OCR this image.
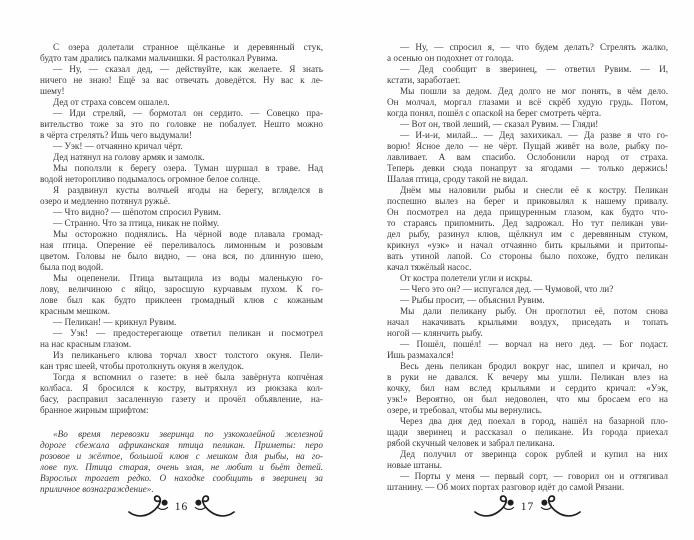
С озера долетали странное щёлканье и деревянный стук,
будто там дрались палками мальчишки. Я растолкал Рувима.
— Ну, — сказал дед, — действуйте, как желаете. Я знать
ничего не знаю! Ещё за вас отвечать доведётся. Ну вас к ле-
шему!
Дед от страха совсем ошалел.
— Иди стреляй, — бормотал он сердито. — Совецко пра-
вительство тоже за это по головке не побалует. Нешто можно
в чёрта стрелять? Ишь чего выдумали!
— Уэк! — отчаянно кричал чёрт.
Дед натянул на голову армяк и замолк.
Мы поползли к берегу озера. Туман шуршал в траве. Над
водой неторопливо подымалось огромное белое солнце.
Я раздвинул кусты волчьей ягоды на берегу, вгляделся в
озеро и медленно потянул ружьё.
— Что видно? — шёпотом спросил Рувим.
— Странно. Что за птица, никак не пойму.
Мы осторожно поднялись. На чёрной воде плавала громад-
ная птица. Оперение её переливалось лимонным и розовым
цветом. Головы не было видно, — она вся, по длинную шею,
была под водой.
Мы оцепенели. Птица вытащила из воды маленькую го-
лову, величиною с яйцо, заросшую курчавым пухом. К го-
лове был как будто приклеен громадный клюв с кожаным
красным мешком.
— Пеликан! — крикнул Рувим.
— Уэк! — предостерегающе ответил пеликан и посмотрел
на нас красным глазом.
Из пеликаньего клюва торчал хвост толстого окуня. Пели-
кан тряс шеей, чтобы протолкнуть окуня в желудок.
Тогда я вспомнил о газете: в неё была завёрнута копчёная
колбаса. Я бросился к костру, вытряхнул из рюкзака кол-
басу, расправил засаленную газету и прочёл объявление, на-
бранное жирным шрифтом:
«Во время перевозки зверинца по узкоколейной железной
дороге сбежала африканская птица пеликан. Приметы: перо
розовое и жёлтое, большой клюв с мешком для рыбы, на го-
лове пух. Птица старая, очень злая, не любит и бьёт детей.
Взрослых трогает редко. О находке сообщить в зверинец за
приличное вознаграждение».
— Ну, — спросил я, — что будем делать? Стрелять жалко,
а осенью он подохнет от голода.
— Дед сообщит в зверинец, — ответил Рувим. — И,
кстати, заработает.
Мы пошли за дедом. Дед долго не мог понять, в чём дело.
Он молчал, моргал глазами и всё скрёб худую грудь. Потом,
когда понял, пошёл с опаской на берег смотреть чёрта.
— Вот он, твой леший, — сказал Рувим. — Гляди!
— И-и-и, милай... — Дед захихикал. — Да разве я что го-
ворю! Ясное дело — не чёрт. Пущай живёт на воле, рыбку по-
лавливает. А вам спасибо. Ослобонили народ от страха.
Теперь девки сюда понапрут за ягодами — только держись!
Шалая птица, сроду такой не видал.
Днём мы наловили рыбы и снесли её к костру. Пеликан
поспешно вылез на берег и приковылял к нашему привалу.
Он посмотрел на деда прищуренным глазом, как будто что-
то стараясь припомнить. Дед задрожал. Но тут пеликан уви-
дел рыбу, разинул клюв, щёлкнул им с деревянным стуком,
крикнул «уэк» и начал отчаянно бить крыльями и притопы-
вать утиной лапой. Со стороны было похоже, будто пеликан
качал тяжёлый насос.
От костра полетели угли и искры.
— Чего это он? — испугался дед. — Чумовой, что ли?
— Рыбы просит, — объяснил Рувим.
Мы дали пеликану рыбу. Он проглотил её, потом снова
начал накачивать крыльями воздух, приседать и топать
ногой — клянчить рыбу.
— Пошёл, пошёл! — ворчал на него дед. — Бог подаст.
Ишь размахался!
Весь день пеликан бродил вокруг нас, шипел и кричал, но
в руки не давался. К вечеру мы ушли. Пеликан влез на
кочку, бил нам вслед крыльями и сердито кричал: «Уэк,
уэк!» Вероятно, он был недоволен, что мы бросаем его на
озере, и требовал, чтобы мы вернулись.
Через два дня дед поехал в город, нашёл на базарной пло-
щади зверинец и рассказал о пеликане. Из города приехал
рябой скучный человек и забрал пеликана.
Дед получил от зверинца сорок рублей и купил на них
новые штаны.
— Порты у меня — первый сорт, — говорил он и оттягивал
штанину. — Об моих портах разговор идёт до самой Рязани.
16	17
